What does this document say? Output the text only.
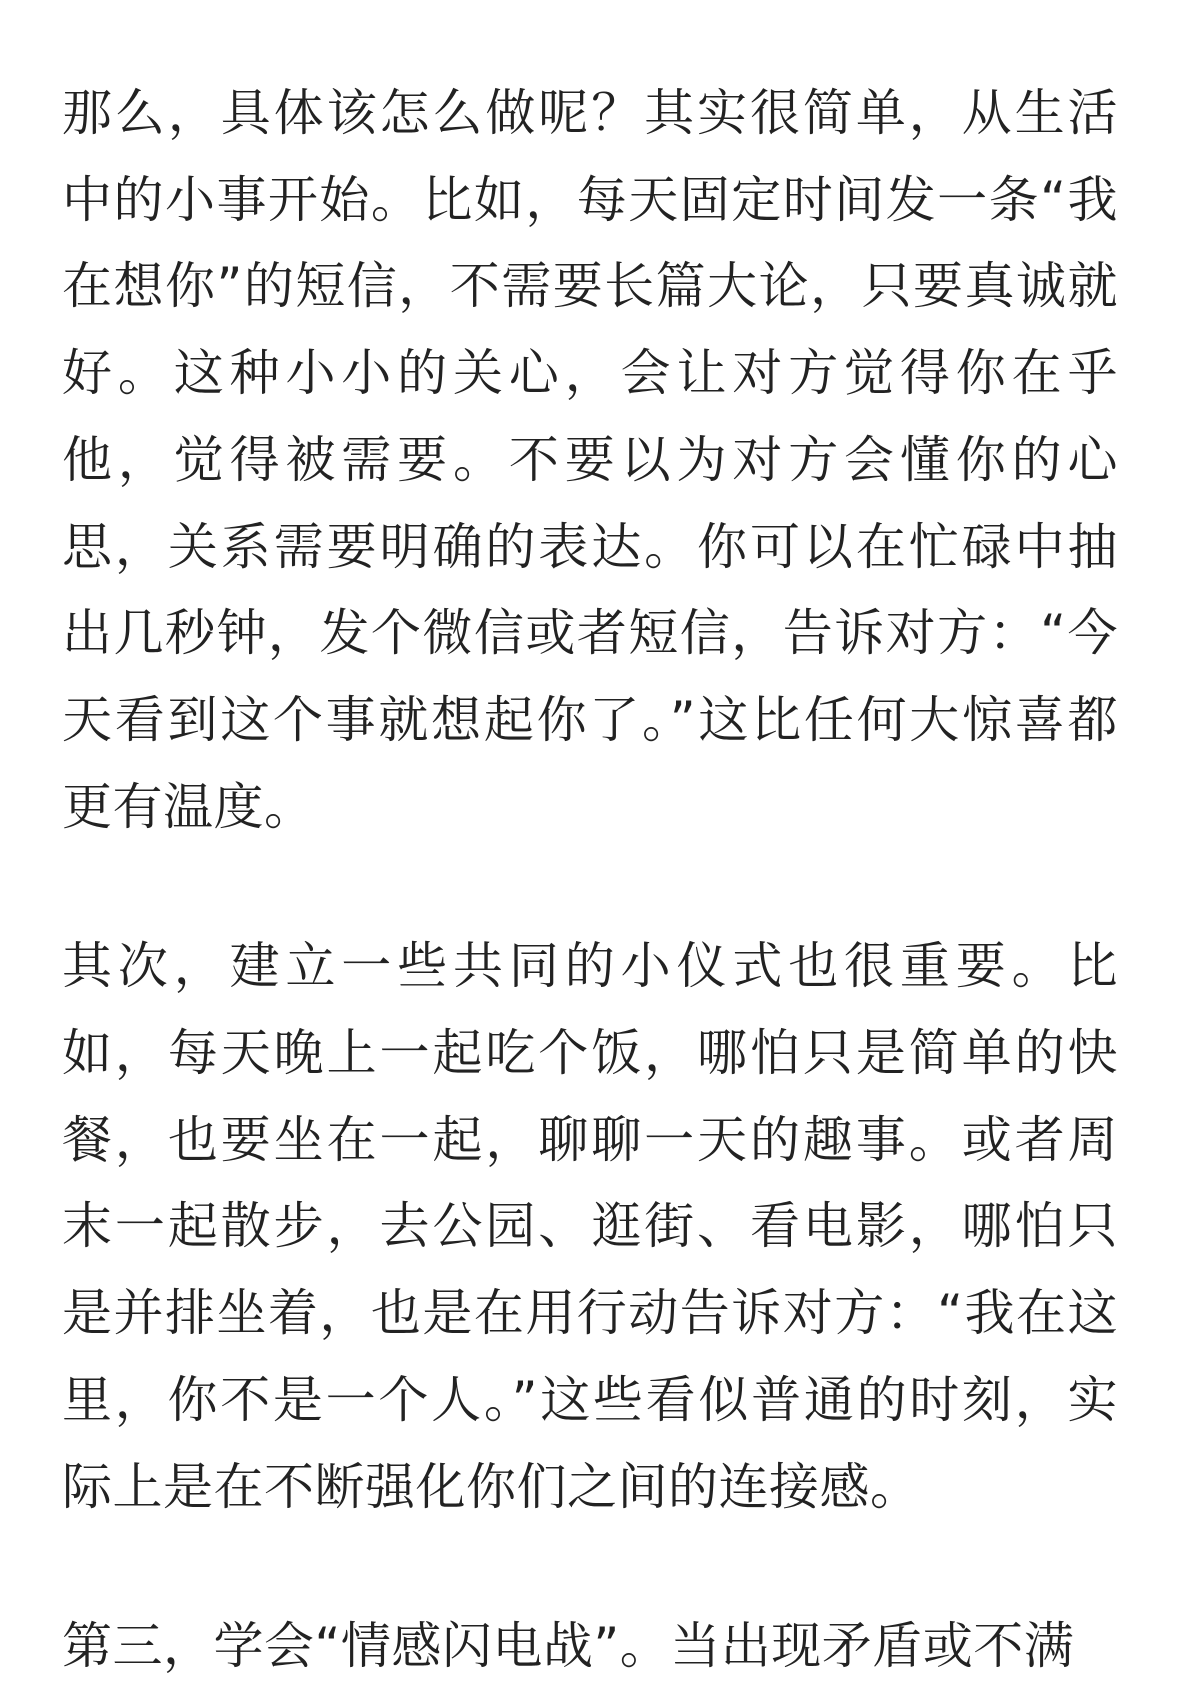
那么，具体该怎么做呢？其实很简单，从生活中的小事开始。比如，每天固定时间发一条“我在想你”的短信，不需要长篇大论，只要真诚就好。这种小小的关心，会让对方觉得你在乎他，觉得被需要。不要以为对方会懂你的心思，关系需要明确的表达。你可以在忙碌中抽出几秒钟，发个微信或者短信，告诉对方：“今天看到这个事就想起你了。”这比任何大惊喜都更有温度。

其次，建立一些共同的小仪式也很重要。比如，每天晚上一起吃个饭，哪怕只是简单的快餐，也要坐在一起，聊聊一天的趣事。或者周末一起散步，去公园、逛街、看电影，哪怕只是并排坐着，也是在用行动告诉对方：“我在这里，你不是一个人。”这些看似普通的时刻，实际上是在不断强化你们之间的连接感。

第三，学会“情感闪电战”。当出现矛盾或不满
